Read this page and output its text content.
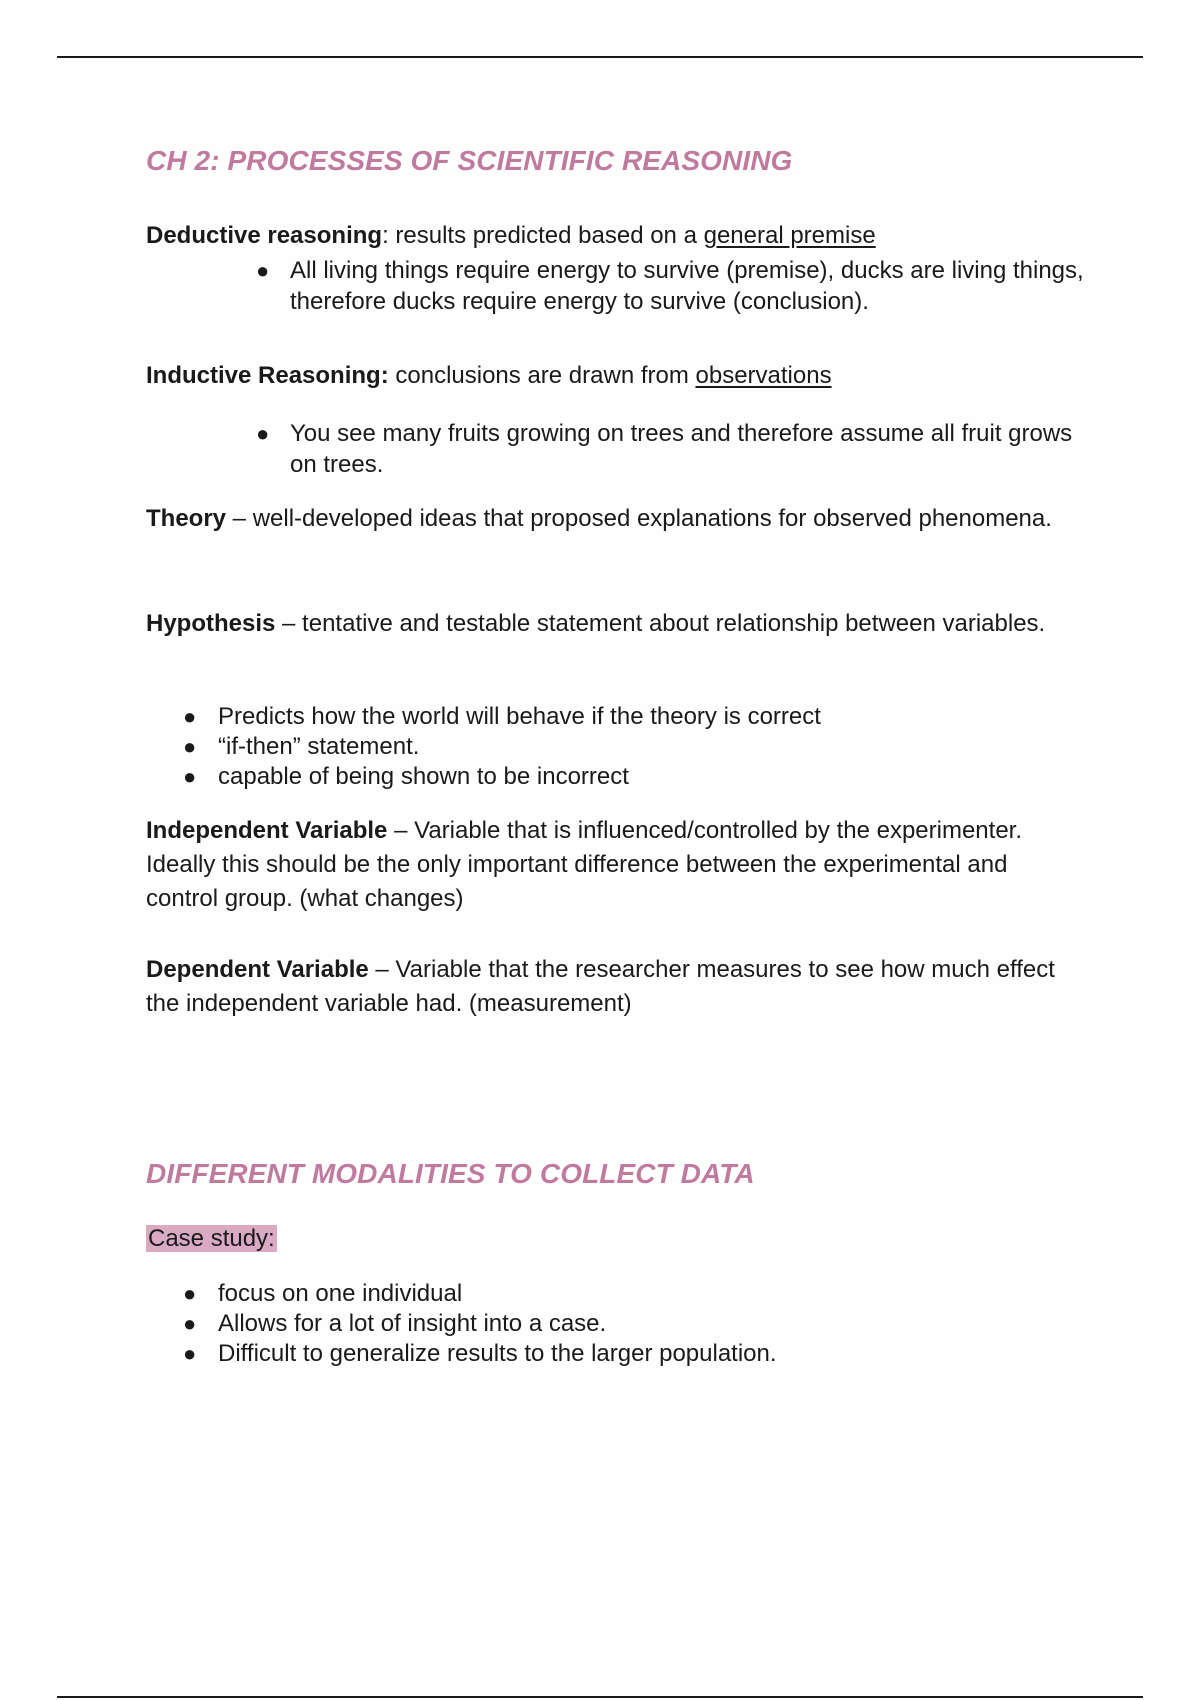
CH 2: PROCESSES OF SCIENTIFIC REASONING

Deductive reasoning: results predicted based on a general premise

● All living things require energy to survive (premise), ducks are living things, therefore ducks require energy to survive (conclusion).

Inductive Reasoning: conclusions are drawn from observations

● You see many fruits growing on trees and therefore assume all fruit grows on trees.

Theory – well-developed ideas that proposed explanations for observed phenomena.

Hypothesis – tentative and testable statement about relationship between variables.

● Predicts how the world will behave if the theory is correct
● “if-then” statement.
● capable of being shown to be incorrect

Independent Variable – Variable that is influenced/controlled by the experimenter. Ideally this should be the only important difference between the experimental and control group. (what changes)

Dependent Variable – Variable that the researcher measures to see how much effect the independent variable had. (measurement)

DIFFERENT MODALITIES TO COLLECT DATA

Case study:

● focus on one individual
● Allows for a lot of insight into a case.
● Difficult to generalize results to the larger population.
